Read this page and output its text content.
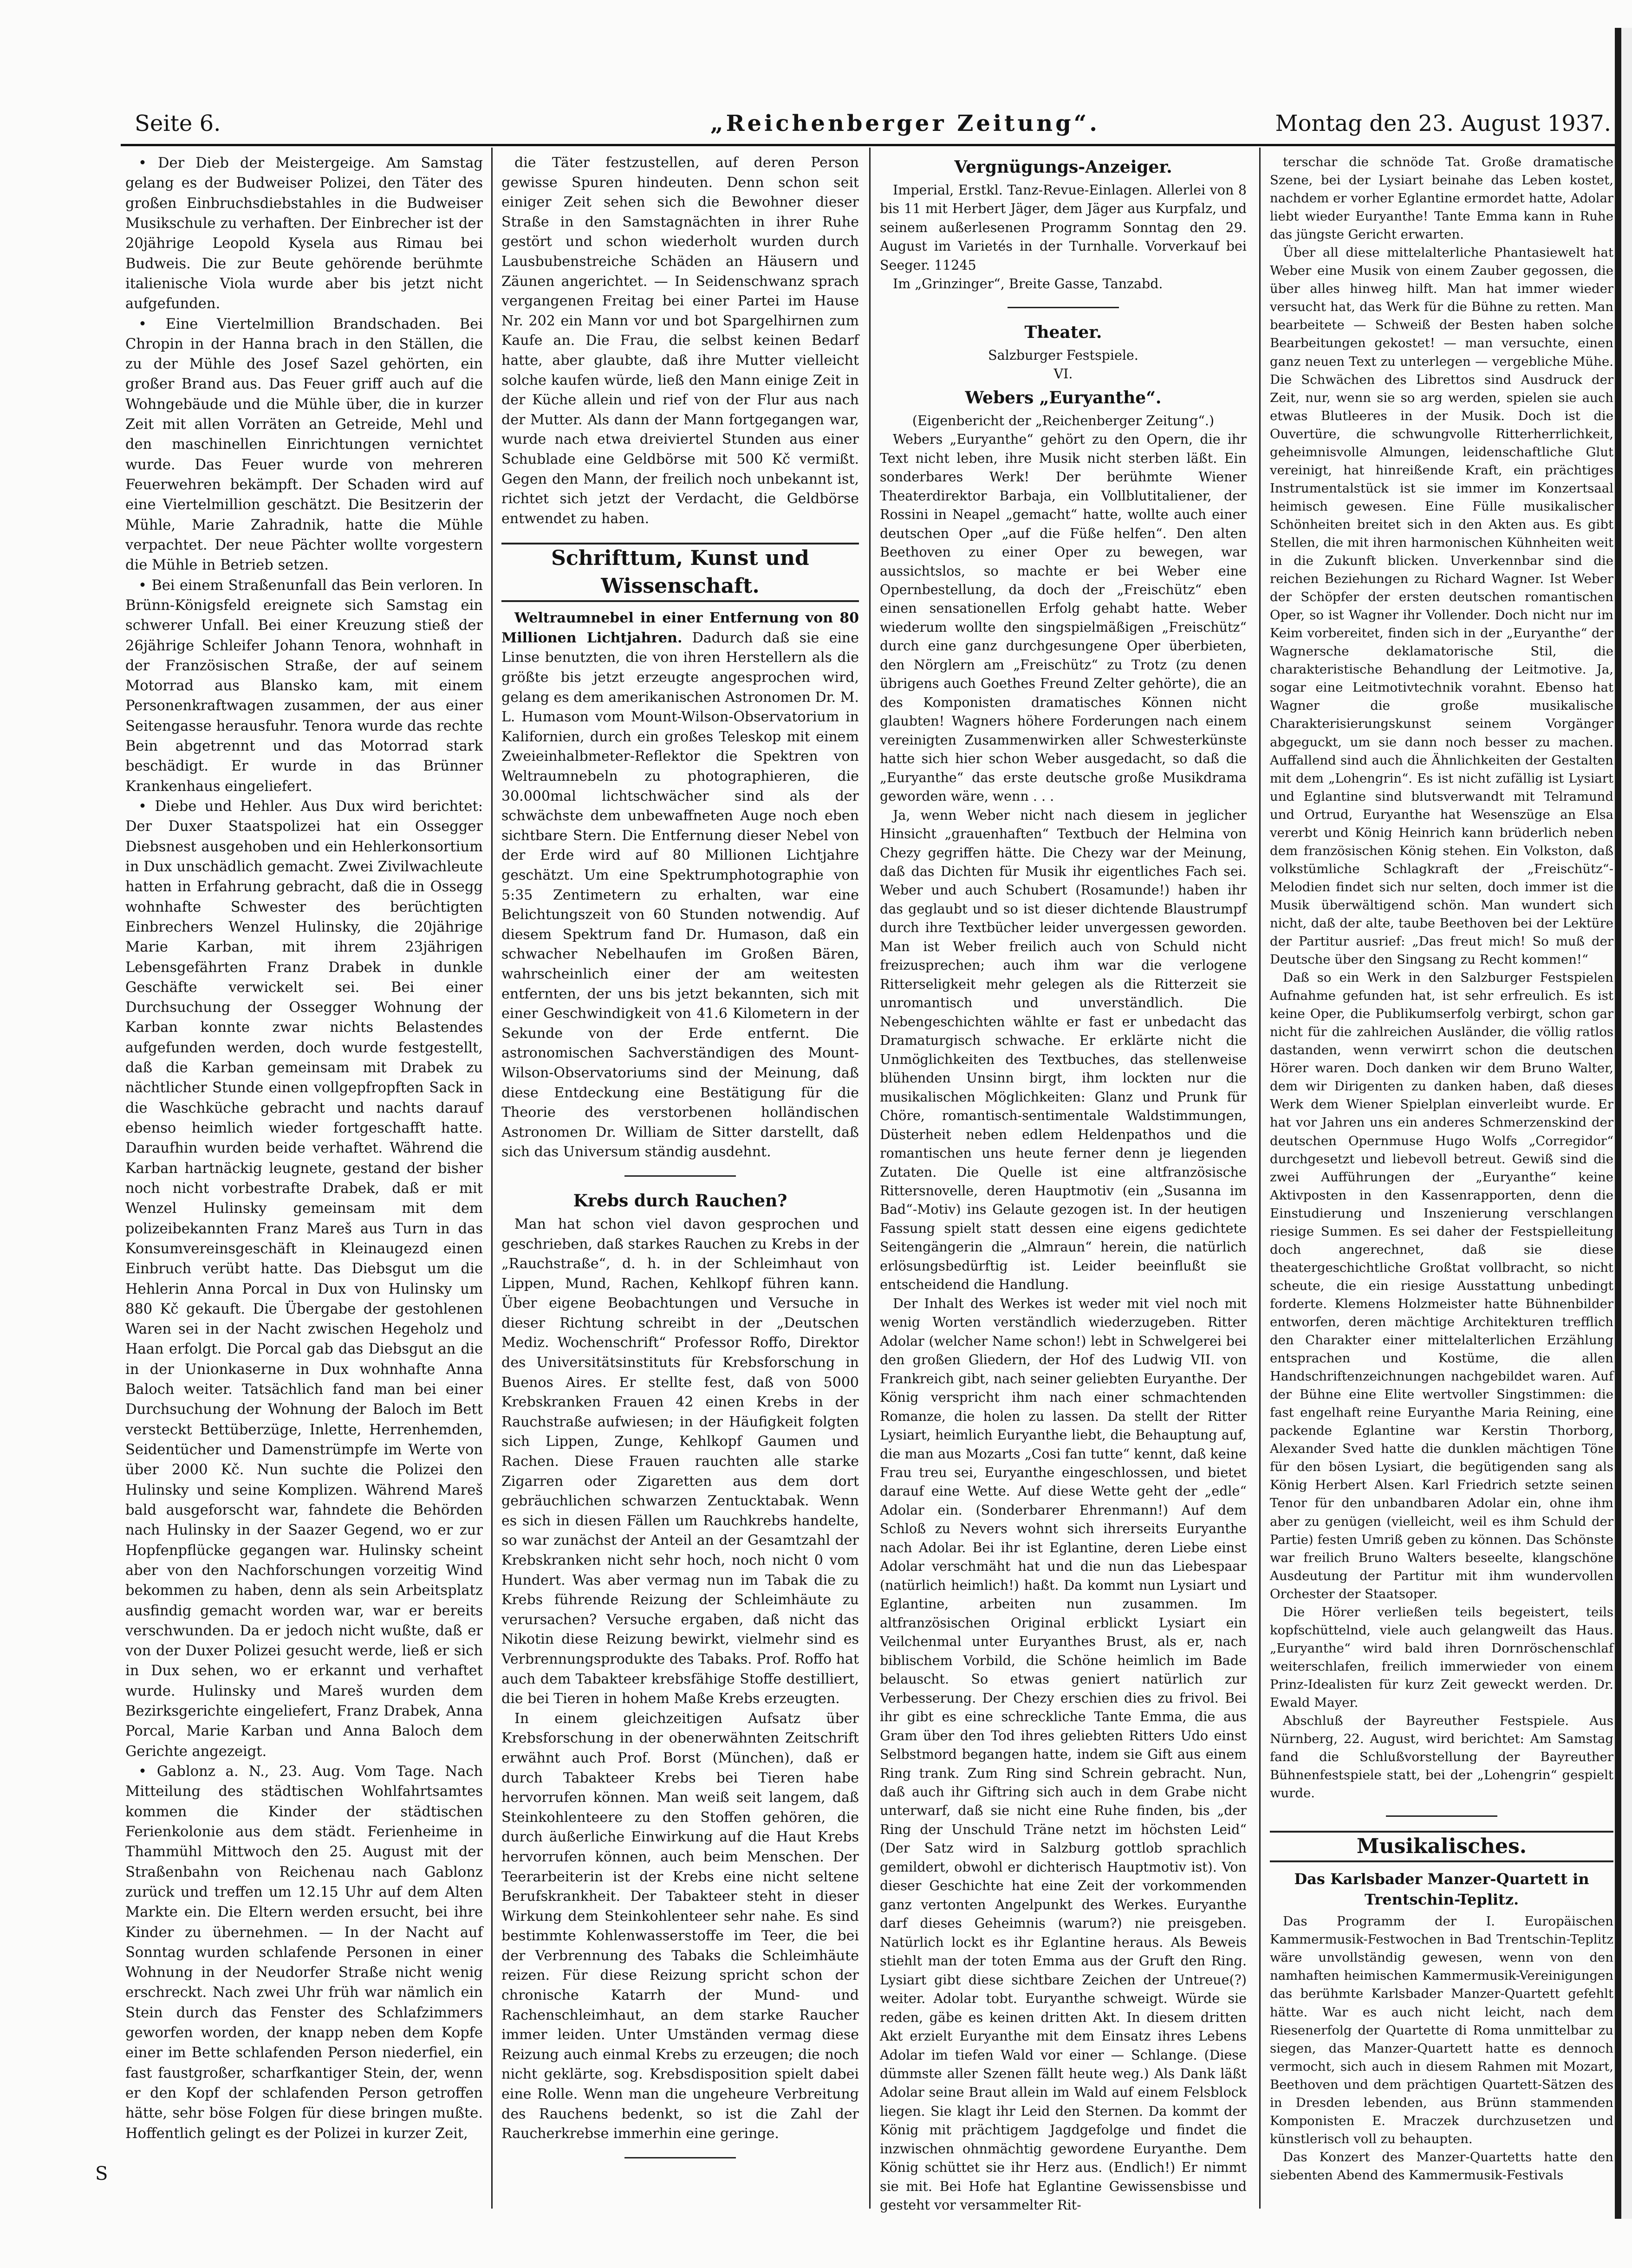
Seite 6.	„Reichenberger Zeitung“.	Montag den 23. August 1937.

• Der Dieb der Meistergeige. Am Samstag gelang es der Budweiser Polizei, den Täter des großen Einbruchsdiebstahles in die Budweiser Musikschule zu verhaften. Der Einbrecher ist der 20jährige Leopold Kysela aus Rimau bei Budweis. Die zur Beute gehörende berühmte italienische Viola wurde aber bis jetzt nicht aufgefunden.

• Eine Viertelmillion Brandschaden. Bei Chropin in der Hanna brach in den Ställen, die zu der Mühle des Josef Sazel gehörten, ein großer Brand aus. Das Feuer griff auch auf die Wohngebäude und die Mühle über, die in kurzer Zeit mit allen Vorräten an Getreide, Mehl und den maschinellen Einrichtungen vernichtet wurde. Das Feuer wurde von mehreren Feuerwehren bekämpft. Der Schaden wird auf eine Viertelmillion geschätzt. Die Besitzerin der Mühle, Marie Zahradnik, hatte die Mühle verpachtet. Der neue Pächter wollte vorgestern die Mühle in Betrieb setzen.

• Bei einem Straßenunfall das Bein verloren. In Brünn-Königsfeld ereignete sich Samstag ein schwerer Unfall. Bei einer Kreuzung stieß der 26jährige Schleifer Johann Tenora, wohnhaft in der Französischen Straße, der auf seinem Motorrad aus Blansko kam, mit einem Personenkraftwagen zusammen, der aus einer Seitengasse herausfuhr. Tenora wurde das rechte Bein abgetrennt und das Motorrad stark beschädigt. Er wurde in das Brünner Krankenhaus eingeliefert.

• Diebe und Hehler. Aus Dux wird berichtet: Der Duxer Staatspolizei hat ein Ossegger Diebsnest ausgehoben und ein Hehlerkonsortium in Dux unschädlich gemacht. Zwei Zivilwachleute hatten in Erfahrung gebracht, daß die in Ossegg wohnhafte Schwester des berüchtigten Einbrechers Wenzel Hulinsky, die 20jährige Marie Karban, mit ihrem 23jährigen Lebensgefährten Franz Drabek in dunkle Geschäfte verwickelt sei. Bei einer Durchsuchung der Ossegger Wohnung der Karban konnte zwar nichts Belastendes aufgefunden werden, doch wurde festgestellt, daß die Karban gemeinsam mit Drabek zu nächtlicher Stunde einen vollgepfropften Sack in die Waschküche gebracht und nachts darauf ebenso heimlich wieder fortgeschafft hatte. Daraufhin wurden beide verhaftet. Während die Karban hartnäckig leugnete, gestand der bisher noch nicht vorbestrafte Drabek, daß er mit Wenzel Hulinsky gemeinsam mit dem polizeibekannten Franz Mareš aus Turn in das Konsumvereinsgeschäft in Kleinaugezd einen Einbruch verübt hatte. Das Diebsgut um die Hehlerin Anna Porcal in Dux von Hulinsky um 880 Kč gekauft. Die Übergabe der gestohlenen Waren sei in der Nacht zwischen Hegeholz und Haan erfolgt. Die Porcal gab das Diebsgut an die in der Unionkaserne in Dux wohnhafte Anna Baloch weiter. Tatsächlich fand man bei einer Durchsuchung der Wohnung der Baloch im Bett versteckt Bettüberzüge, Inlette, Herrenhemden, Seidentücher und Damenstrümpfe im Werte von über 2000 Kč. Nun suchte die Polizei den Hulinsky und seine Komplizen. Während Mareš bald ausgeforscht war, fahndete die Behörden nach Hulinsky in der Saazer Gegend, wo er zur Hopfenpflücke gegangen war. Hulinsky scheint aber von den Nachforschungen vorzeitig Wind bekommen zu haben, denn als sein Arbeitsplatz ausfindig gemacht worden war, war er bereits verschwunden. Da er jedoch nicht wußte, daß er von der Duxer Polizei gesucht werde, ließ er sich in Dux sehen, wo er erkannt und verhaftet wurde. Hulinsky und Mareš wurden dem Bezirksgerichte eingeliefert, Franz Drabek, Anna Porcal, Marie Karban und Anna Baloch dem Gerichte angezeigt.

• Gablonz a. N., 23. Aug. Vom Tage. Nach Mitteilung des städtischen Wohlfahrtsamtes kommen die Kinder der städtischen Ferienkolonie aus dem städt. Ferienheime in Thammühl Mittwoch den 25. August mit der Straßenbahn von Reichenau nach Gablonz zurück und treffen um 12.15 Uhr auf dem Alten Markte ein. Die Eltern werden ersucht, bei ihre Kinder zu übernehmen. — In der Nacht auf Sonntag wurden schlafende Personen in einer Wohnung in der Neudorfer Straße nicht wenig erschreckt. Nach zwei Uhr früh war nämlich ein Stein durch das Fenster des Schlafzimmers geworfen worden, der knapp neben dem Kopfe einer im Bette schlafenden Person niederfiel, ein fast faustgroßer, scharfkantiger Stein, der, wenn er den Kopf der schlafenden Person getroffen hätte, sehr böse Folgen für diese bringen mußte. Hoffentlich gelingt es der Polizei in kurzer Zeit,

die Täter festzustellen, auf deren Person gewisse Spuren hindeuten. Denn schon seit einiger Zeit sehen sich die Bewohner dieser Straße in den Samstagnächten in ihrer Ruhe gestört und schon wiederholt wurden durch Lausbubenstreiche Schäden an Häusern und Zäunen angerichtet. — In Seidenschwanz sprach vergangenen Freitag bei einer Partei im Hause Nr. 202 ein Mann vor und bot Spargelhirnen zum Kaufe an. Die Frau, die selbst keinen Bedarf hatte, aber glaubte, daß ihre Mutter vielleicht solche kaufen würde, ließ den Mann einige Zeit in der Küche allein und rief von der Flur aus nach der Mutter. Als dann der Mann fortgegangen war, wurde nach etwa dreiviertel Stunden aus einer Schublade eine Geldbörse mit 500 Kč vermißt. Gegen den Mann, der freilich noch unbekannt ist, richtet sich jetzt der Verdacht, die Geldbörse entwendet zu haben.

Schrifttum, Kunst und Wissenschaft.

Weltraumnebel in einer Entfernung von 80 Millionen Lichtjahren. Dadurch daß sie eine Linse benutzten, die von ihren Herstellern als die größte bis jetzt erzeugte angesprochen wird, gelang es dem amerikanischen Astronomen Dr. M. L. Humason vom Mount-Wilson-Observatorium in Kalifornien, durch ein großes Teleskop mit einem Zweieinhalbmeter-Reflektor die Spektren von Weltraumnebeln zu photographieren, die 30.000mal lichtschwächer sind als der schwächste dem unbewaffneten Auge noch eben sichtbare Stern. Die Entfernung dieser Nebel von der Erde wird auf 80 Millionen Lichtjahre geschätzt. Um eine Spektrumphotographie von 5:35 Zentimetern zu erhalten, war eine Belichtungszeit von 60 Stunden notwendig. Auf diesem Spektrum fand Dr. Humason, daß ein schwacher Nebelhaufen im Großen Bären, wahrscheinlich einer der am weitesten entfernten, der uns bis jetzt bekannten, sich mit einer Geschwindigkeit von 41.6 Kilometern in der Sekunde von der Erde entfernt. Die astronomischen Sachverständigen des Mount-Wilson-Observatoriums sind der Meinung, daß diese Entdeckung eine Bestätigung für die Theorie des verstorbenen holländischen Astronomen Dr. William de Sitter darstellt, daß sich das Universum ständig ausdehnt.

Krebs durch Rauchen?

Man hat schon viel davon gesprochen und geschrieben, daß starkes Rauchen zu Krebs in der „Rauchstraße“, d. h. in der Schleimhaut von Lippen, Mund, Rachen, Kehlkopf führen kann. Über eigene Beobachtungen und Versuche in dieser Richtung schreibt in der „Deutschen Mediz. Wochenschrift“ Professor Roffo, Direktor des Universitätsinstituts für Krebsforschung in Buenos Aires. Er stellte fest, daß von 5000 Krebskranken Frauen 42 einen Krebs in der Rauchstraße aufwiesen; in der Häufigkeit folgten sich Lippen, Zunge, Kehlkopf Gaumen und Rachen. Diese Frauen rauchten alle starke Zigarren oder Zigaretten aus dem dort gebräuchlichen schwarzen Zentucktabak. Wenn es sich in diesen Fällen um Rauchkrebs handelte, so war zunächst der Anteil an der Gesamtzahl der Krebskranken nicht sehr hoch, noch nicht 0 vom Hundert. Was aber vermag nun im Tabak die zu Krebs führende Reizung der Schleimhäute zu verursachen? Versuche ergaben, daß nicht das Nikotin diese Reizung bewirkt, vielmehr sind es Verbrennungsprodukte des Tabaks. Prof. Roffo hat auch dem Tabakteer krebsfähige Stoffe destilliert, die bei Tieren in hohem Maße Krebs erzeugten.

In einem gleichzeitigen Aufsatz über Krebsforschung in der obenerwähnten Zeitschrift erwähnt auch Prof. Borst (München), daß er durch Tabakteer Krebs bei Tieren habe hervorrufen können. Man weiß seit langem, daß Steinkohlenteere zu den Stoffen gehören, die durch äußerliche Einwirkung auf die Haut Krebs hervorrufen können, auch beim Menschen. Der Teerarbeiterin ist der Krebs eine nicht seltene Berufskrankheit. Der Tabakteer steht in dieser Wirkung dem Steinkohlenteer sehr nahe. Es sind bestimmte Kohlenwasserstoffe im Teer, die bei der Verbrennung des Tabaks die Schleimhäute reizen. Für diese Reizung spricht schon der chronische Katarrh der Mund- und Rachenschleimhaut, an dem starke Raucher immer leiden. Unter Umständen vermag diese Reizung auch einmal Krebs zu erzeugen; die noch nicht geklärte, sog. Krebsdisposition spielt dabei eine Rolle. Wenn man die ungeheure Verbreitung des Rauchens bedenkt, so ist die Zahl der Raucherkrebse immerhin eine geringe.

Vergnügungs-Anzeiger.

Imperial, Erstkl. Tanz-Revue-Einlagen. Allerlei von 8 bis 11 mit Herbert Jäger, dem Jäger aus Kurpfalz, und seinem außerlesenen Programm Sonntag den 29. August im Varietés in der Turnhalle. Vorverkauf bei Seeger. 11245

Im „Grinzinger“, Breite Gasse, Tanzabd.

Theater.

Salzburger Festspiele.

VI.

Webers „Euryanthe“.

(Eigenbericht der „Reichenberger Zeitung“.)

Webers „Euryanthe“ gehört zu den Opern, die ihr Text nicht leben, ihre Musik nicht sterben läßt. Ein sonderbares Werk! Der berühmte Wiener Theaterdirektor Barbaja, ein Vollblutitaliener, der Rossini in Neapel „gemacht“ hatte, wollte auch einer deutschen Oper „auf die Füße helfen“. Den alten Beethoven zu einer Oper zu bewegen, war aussichtslos, so machte er bei Weber eine Opernbestellung, da doch der „Freischütz“ eben einen sensationellen Erfolg gehabt hatte. Weber wiederum wollte den singspielmäßigen „Freischütz“ durch eine ganz durchgesungene Oper überbieten, den Nörglern am „Freischütz“ zu Trotz (zu denen übrigens auch Goethes Freund Zelter gehörte), die an des Komponisten dramatisches Können nicht glaubten! Wagners höhere Forderungen nach einem vereinigten Zusammenwirken aller Schwesterkünste hatte sich hier schon Weber ausgedacht, so daß die „Euryanthe“ das erste deutsche große Musikdrama geworden wäre, wenn . . .

Ja, wenn Weber nicht nach diesem in jeglicher Hinsicht „grauenhaften“ Textbuch der Helmina von Chezy gegriffen hätte. Die Chezy war der Meinung, daß das Dichten für Musik ihr eigentliches Fach sei. Weber und auch Schubert (Rosamunde!) haben ihr das geglaubt und so ist dieser dichtende Blaustrumpf durch ihre Textbücher leider unvergessen geworden. Man ist Weber freilich auch von Schuld nicht freizusprechen; auch ihm war die verlogene Ritterseligkeit mehr gelegen als die Ritterzeit sie unromantisch und unverständlich. Die Nebengeschichten wählte er fast er unbedacht das Dramaturgisch schwache. Er erklärte nicht die Unmöglichkeiten des Textbuches, das stellenweise blühenden Unsinn birgt, ihm lockten nur die musikalischen Möglichkeiten: Glanz und Prunk für Chöre, romantisch-sentimentale Waldstimmungen, Düsterheit neben edlem Heldenpathos und die romantischen uns heute ferner denn je liegenden Zutaten. Die Quelle ist eine altfranzösische Rittersnovelle, deren Hauptmotiv (ein „Susanna im Bad“-Motiv) ins Gelaute gezogen ist. In der heutigen Fassung spielt statt dessen eine eigens gedichtete Seitengängerin die „Almraun“ herein, die natürlich erlösungsbedürftig ist. Leider beeinflußt sie entscheidend die Handlung.

Der Inhalt des Werkes ist weder mit viel noch mit wenig Worten verständlich wiederzugeben. Ritter Adolar (welcher Name schon!) lebt in Schwelgerei bei den großen Gliedern, der Hof des Ludwig VII. von Frankreich gibt, nach seiner geliebten Euryanthe. Der König verspricht ihm nach einer schmachtenden Romanze, die holen zu lassen. Da stellt der Ritter Lysiart, heimlich Euryanthe liebt, die Behauptung auf, die man aus Mozarts „Cosi fan tutte“ kennt, daß keine Frau treu sei, Euryanthe eingeschlossen, und bietet darauf eine Wette. Auf diese Wette geht der „edle“ Adolar ein. (Sonderbarer Ehrenmann!) Auf dem Schloß zu Nevers wohnt sich ihrerseits Euryanthe nach Adolar. Bei ihr ist Eglantine, deren Liebe einst Adolar verschmäht hat und die nun das Liebespaar (natürlich heimlich!) haßt. Da kommt nun Lysiart und Eglantine, arbeiten nun zusammen. Im altfranzösischen Original erblickt Lysiart ein Veilchenmal unter Euryanthes Brust, als er, nach biblischem Vorbild, die Schöne heimlich im Bade belauscht. So etwas geniert natürlich zur Verbesserung. Der Chezy erschien dies zu frivol. Bei ihr gibt es eine schreckliche Tante Emma, die aus Gram über den Tod ihres geliebten Ritters Udo einst Selbstmord begangen hatte, indem sie Gift aus einem Ring trank. Zum Ring sind Schrein gebracht. Nun, daß auch ihr Giftring sich auch in dem Grabe nicht unterwarf, daß sie nicht eine Ruhe finden, bis „der Ring der Unschuld Träne netzt im höchsten Leid“ (Der Satz wird in Salzburg gottlob sprachlich gemildert, obwohl er dichterisch Hauptmotiv ist). Von dieser Geschichte hat eine Zeit der vorkommenden ganz vertonten Angelpunkt des Werkes. Euryanthe darf dieses Geheimnis (warum?) nie preisgeben. Natürlich lockt es ihr Eglantine heraus. Als Beweis stiehlt man der toten Emma aus der Gruft den Ring. Lysiart gibt diese sichtbare Zeichen der Untreue(?) weiter. Adolar tobt. Euryanthe schweigt. Würde sie reden, gäbe es keinen dritten Akt. In diesem dritten Akt erzielt Euryanthe mit dem Einsatz ihres Lebens Adolar im tiefen Wald vor einer — Schlange. (Diese dümmste aller Szenen fällt heute weg.) Als Dank läßt Adolar seine Braut allein im Wald auf einem Felsblock liegen. Sie klagt ihr Leid den Sternen. Da kommt der König mit prächtigem Jagdgefolge und findet die inzwischen ohnmächtig gewordene Euryanthe. Dem König schüttet sie ihr Herz aus. (Endlich!) Er nimmt sie mit. Bei Hofe hat Eglantine Gewissensbisse und gesteht vor versammelter Rit-

terschar die schnöde Tat. Große dramatische Szene, bei der Lysiart beinahe das Leben kostet, nachdem er vorher Eglantine ermordet hatte, Adolar liebt wieder Euryanthe! Tante Emma kann in Ruhe das jüngste Gericht erwarten.

Über all diese mittelalterliche Phantasiewelt hat Weber eine Musik von einem Zauber gegossen, die über alles hinweg hilft. Man hat immer wieder versucht hat, das Werk für die Bühne zu retten. Man bearbeitete — Schweiß der Besten haben solche Bearbeitungen gekostet! — man versuchte, einen ganz neuen Text zu unterlegen — vergebliche Mühe. Die Schwächen des Librettos sind Ausdruck der Zeit, nur, wenn sie so arg werden, spielen sie auch etwas Blutleeres in der Musik. Doch ist die Ouvertüre, die schwungvolle Ritterherrlichkeit, geheimnisvolle Almungen, leidenschaftliche Glut vereinigt, hat hinreißende Kraft, ein prächtiges Instrumentalstück ist sie immer im Konzertsaal heimisch gewesen. Eine Fülle musikalischer Schönheiten breitet sich in den Akten aus. Es gibt Stellen, die mit ihren harmonischen Kühnheiten weit in die Zukunft blicken. Unverkennbar sind die reichen Beziehungen zu Richard Wagner. Ist Weber der Schöpfer der ersten deutschen romantischen Oper, so ist Wagner ihr Vollender. Doch nicht nur im Keim vorbereitet, finden sich in der „Euryanthe“ der Wagnersche deklamatorische Stil, die charakteristische Behandlung der Leitmotive. Ja, sogar eine Leitmotivtechnik vorahnt. Ebenso hat Wagner die große musikalische Charakterisierungskunst seinem Vorgänger abgeguckt, um sie dann noch besser zu machen. Auffallend sind auch die Ähnlichkeiten der Gestalten mit dem „Lohengrin“. Es ist nicht zufällig ist Lysiart und Eglantine sind blutsverwandt mit Telramund und Ortrud, Euryanthe hat Wesenszüge an Elsa vererbt und König Heinrich kann brüderlich neben dem französischen König stehen. Ein Volkston, daß volkstümliche Schlagkraft der „Freischütz“-Melodien findet sich nur selten, doch immer ist die Musik überwältigend schön. Man wundert sich nicht, daß der alte, taube Beethoven bei der Lektüre der Partitur ausrief: „Das freut mich! So muß der Deutsche über den Singsang zu Recht kommen!“

Daß so ein Werk in den Salzburger Festspielen Aufnahme gefunden hat, ist sehr erfreulich. Es ist keine Oper, die Publikumserfolg verbirgt, schon gar nicht für die zahlreichen Ausländer, die völlig ratlos dastanden, wenn verwirrt schon die deutschen Hörer waren. Doch danken wir dem Bruno Walter, dem wir Dirigenten zu danken haben, daß dieses Werk dem Wiener Spielplan einverleibt wurde. Er hat vor Jahren uns ein anderes Schmerzenskind der deutschen Opernmuse Hugo Wolfs „Corregidor“ durchgesetzt und liebevoll betreut. Gewiß sind die zwei Aufführungen der „Euryanthe“ keine Aktivposten in den Kassenrapporten, denn die Einstudierung und Inszenierung verschlangen riesige Summen. Es sei daher der Festspielleitung doch angerechnet, daß sie diese theatergeschichtliche Großtat vollbracht, so nicht scheute, die ein riesige Ausstattung unbedingt forderte. Klemens Holzmeister hatte Bühnenbilder entworfen, deren mächtige Architekturen trefflich den Charakter einer mittelalterlichen Erzählung entsprachen und Kostüme, die allen Handschriftenzeichnungen nachgebildet waren. Auf der Bühne eine Elite wertvoller Singstimmen: die fast engelhaft reine Euryanthe Maria Reining, eine packende Eglantine war Kerstin Thorborg, Alexander Sved hatte die dunklen mächtigen Töne für den bösen Lysiart, die begütigenden sang als König Herbert Alsen. Karl Friedrich setzte seinen Tenor für den unbandbaren Adolar ein, ohne ihm aber zu genügen (vielleicht, weil es ihm Schuld der Partie) festen Umriß geben zu können. Das Schönste war freilich Bruno Walters beseelte, klangschöne Ausdeutung der Partitur mit ihm wundervollen Orchester der Staatsoper.

Die Hörer verließen teils begeistert, teils kopfschüttelnd, viele auch gelangweilt das Haus. „Euryanthe“ wird bald ihren Dornröschenschlaf weiterschlafen, freilich immerwieder von einem Prinz-Idealisten für kurz Zeit geweckt werden. Dr. Ewald Mayer.

Abschluß der Bayreuther Festspiele. Aus Nürnberg, 22. August, wird berichtet: Am Samstag fand die Schlußvorstellung der Bayreuther Bühnenfestspiele statt, bei der „Lohengrin“ gespielt wurde.

Musikalisches.
Das Karlsbader Manzer-Quartett in Trentschin-Teplitz.

Das Programm der I. Europäischen Kammermusik-Festwochen in Bad Trentschin-Teplitz wäre unvollständig gewesen, wenn von den namhaften heimischen Kammermusik-Vereinigungen das berühmte Karlsbader Manzer-Quartett gefehlt hätte. War es auch nicht leicht, nach dem Riesenerfolg der Quartette di Roma unmittelbar zu siegen, das Manzer-Quartett hatte es dennoch vermocht, sich auch in diesem Rahmen mit Mozart, Beethoven und dem prächtigen Quartett-Sätzen des in Dresden lebenden, aus Brünn stammenden Komponisten E. Mraczek durchzusetzen und künstlerisch voll zu behaupten.

Das Konzert des Manzer-Quartetts hatte den siebenten Abend des Kammermusik-Festivals

S
